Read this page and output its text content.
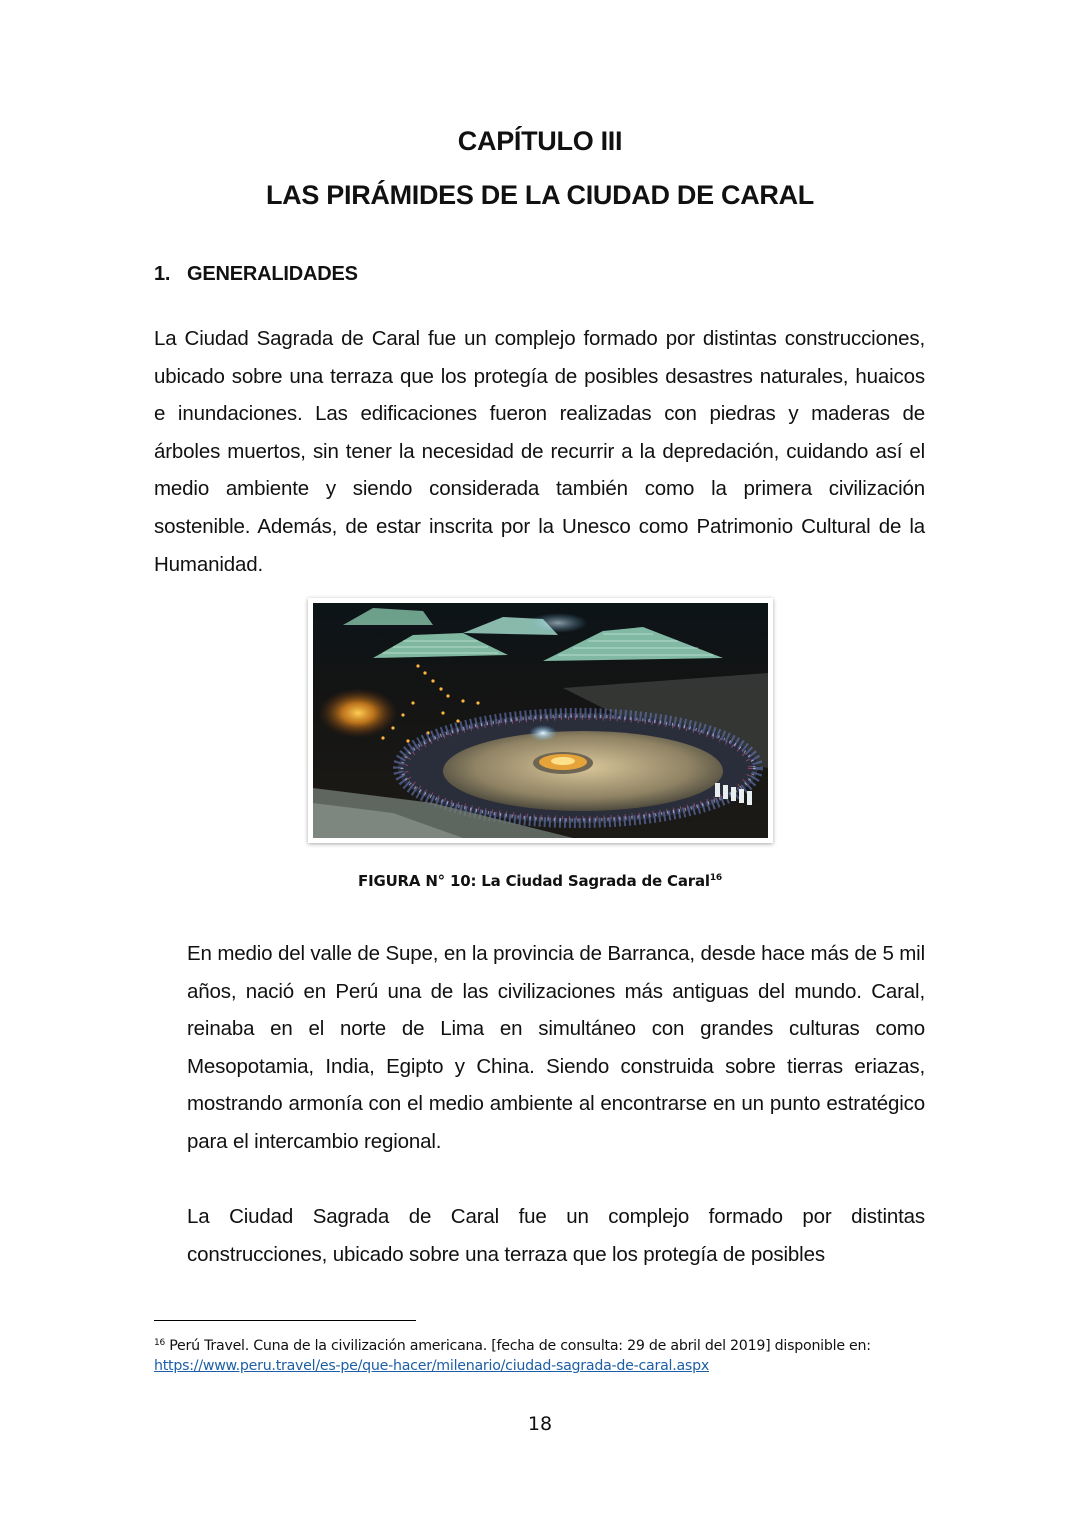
CAPÍTULO III
LAS PIRÁMIDES DE LA CIUDAD DE CARAL
1. GENERALIDADES

La Ciudad Sagrada de Caral fue un complejo formado por distintas construcciones, ubicado sobre una terraza que los protegía de posibles desastres naturales, huaicos e inundaciones. Las edificaciones fueron realizadas con piedras y maderas de árboles muertos, sin tener la necesidad de recurrir a la depredación, cuidando así el medio ambiente y siendo considerada también como la primera civilización sostenible. Además, de estar inscrita por la Unesco como Patrimonio Cultural de la Humanidad.

FIGURA N° 10: La Ciudad Sagrada de Caral$^{16}$

En medio del valle de Supe, en la provincia de Barranca, desde hace más de 5 mil años, nació en Perú una de las civilizaciones más antiguas del mundo. Caral, reinaba en el norte de Lima en simultáneo con grandes culturas como Mesopotamia, India, Egipto y China. Siendo construida sobre tierras eriazas, mostrando armonía con el medio ambiente al encontrarse en un punto estratégico para el intercambio regional.

La Ciudad Sagrada de Caral fue un complejo formado por distintas construcciones, ubicado sobre una terraza que los protegía de posibles

$^{16}$ Perú Travel. Cuna de la civilización americana. [fecha de consulta: 29 de abril del 2019] disponible en: https://www.peru.travel/es-pe/que-hacer/milenario/ciudad-sagrada-de-caral.aspx
18
